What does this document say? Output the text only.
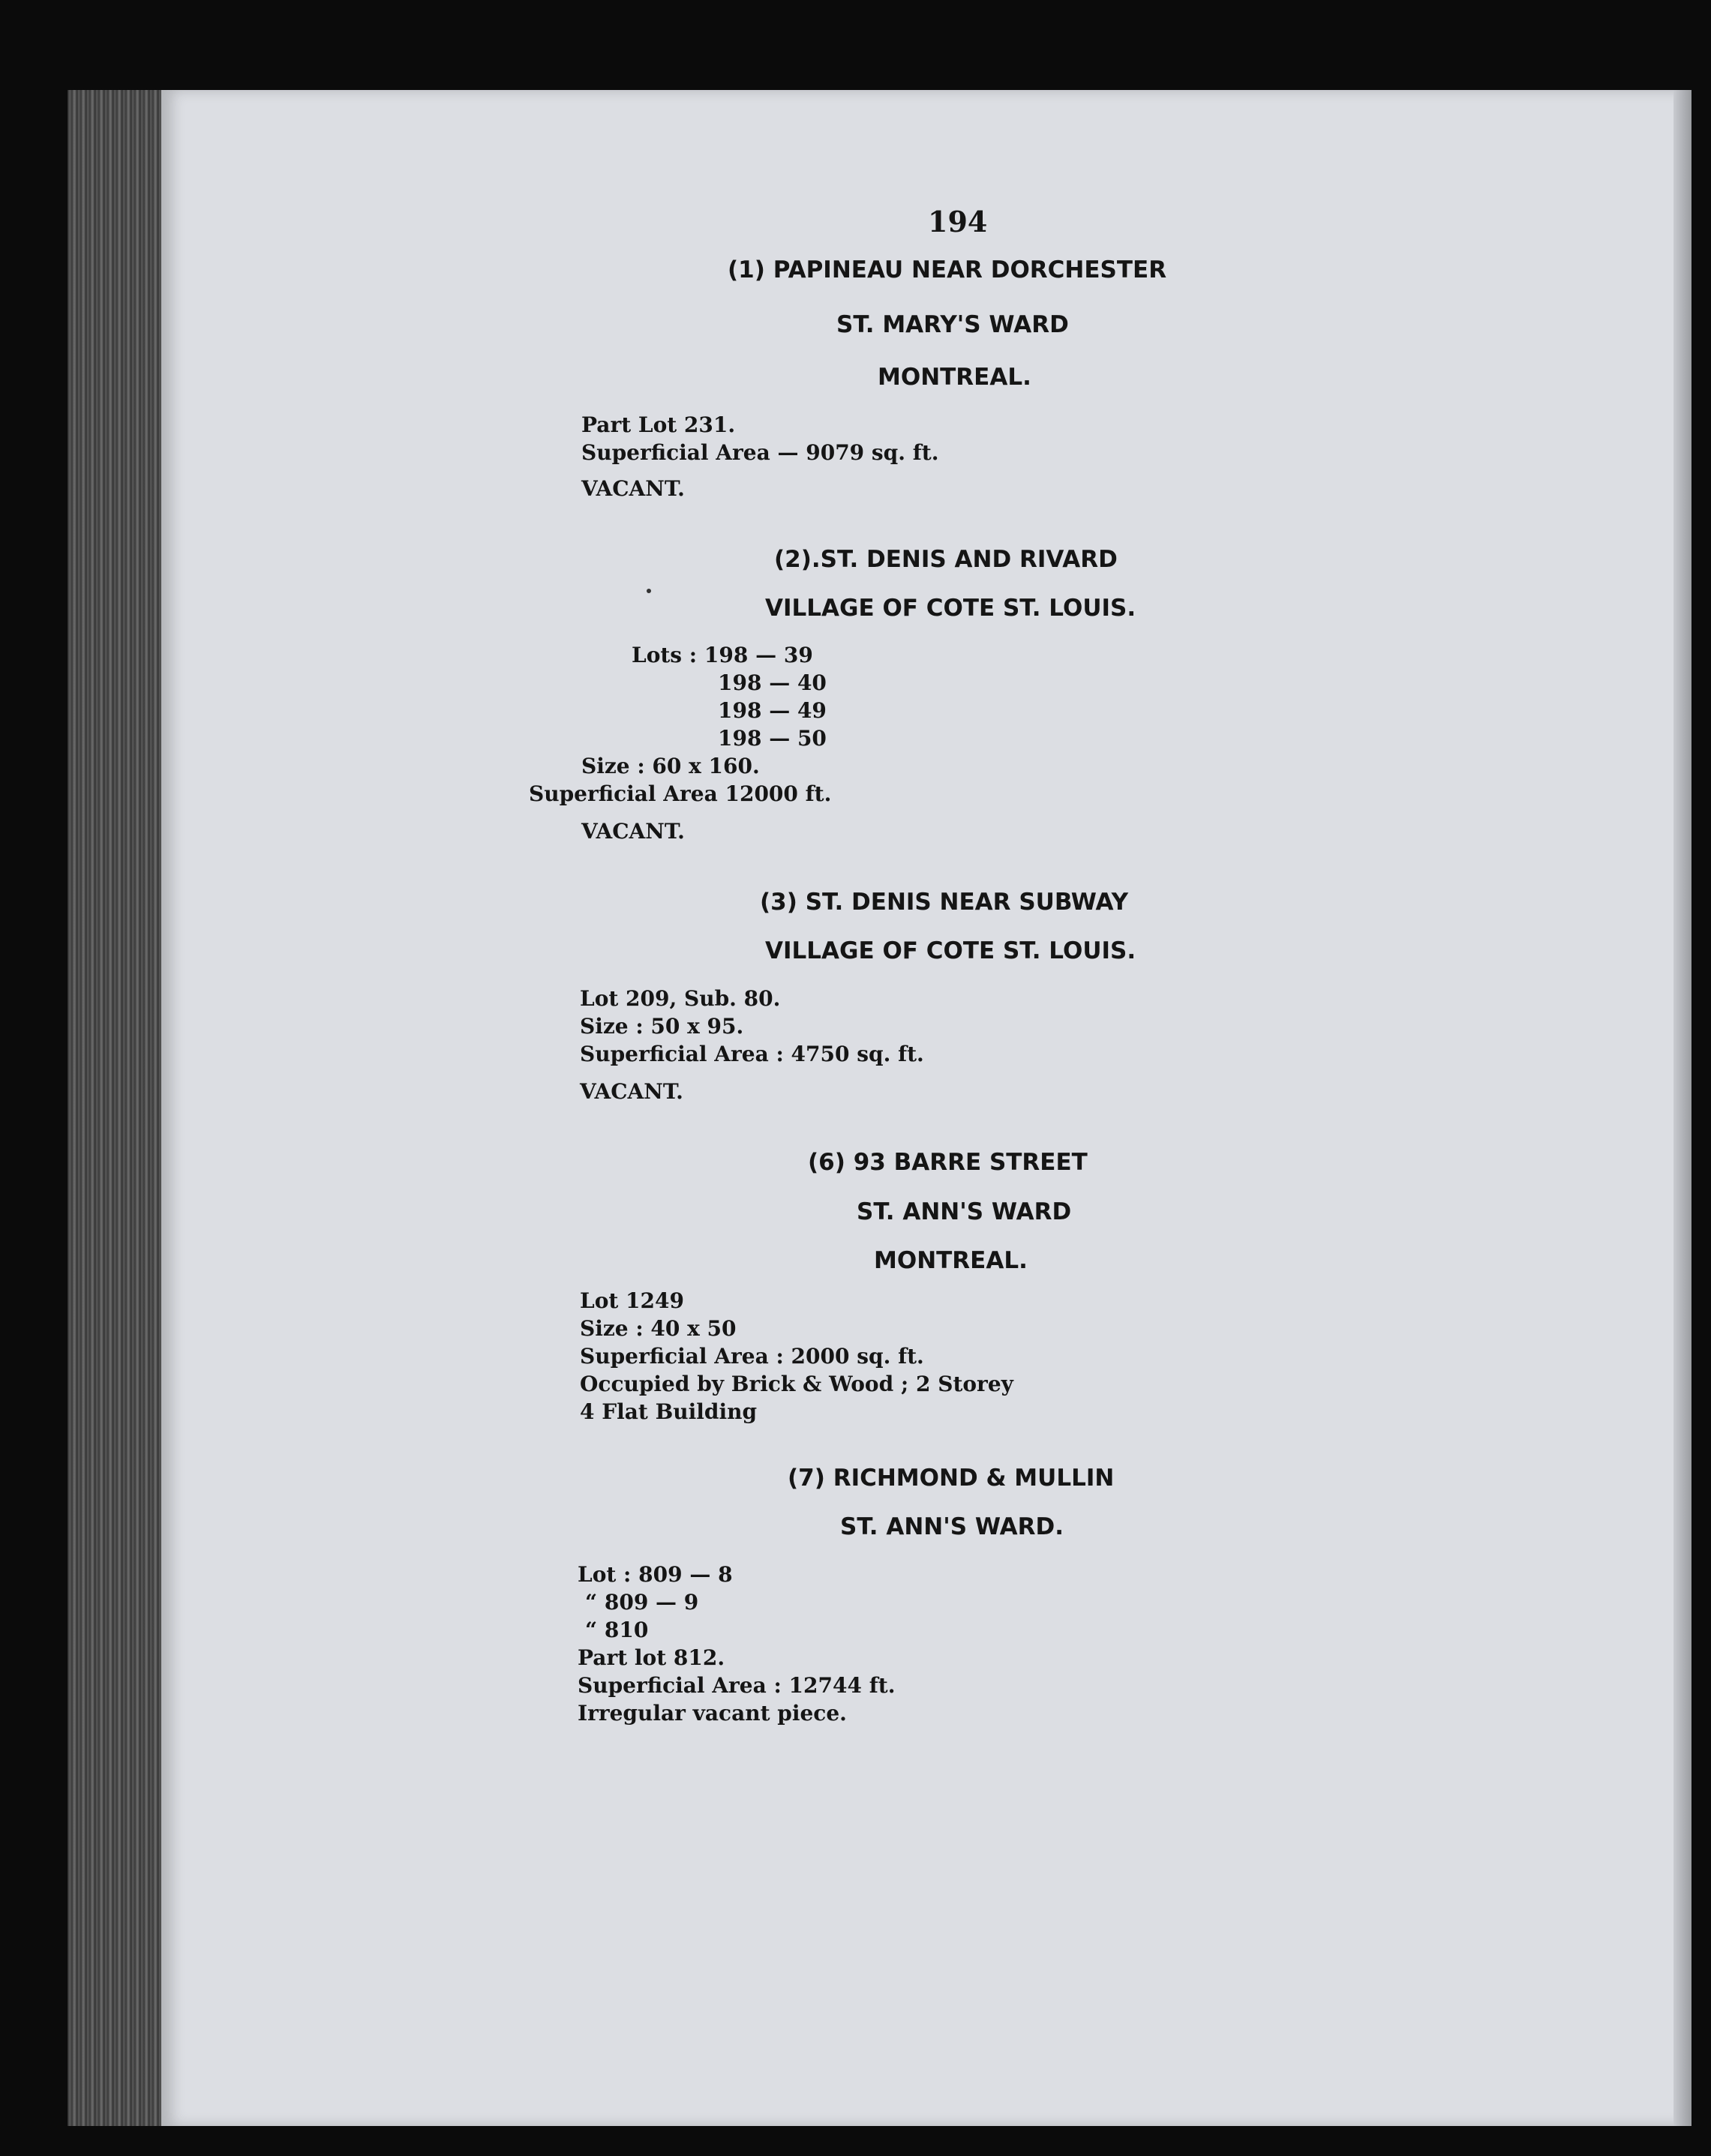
194

(1) PAPINEAU NEAR DORCHESTER

ST. MARY'S WARD

MONTREAL.

Part Lot 231.

Superficial Area — 9079 sq. ft.

VACANT.

(2).ST. DENIS AND RIVARD

VILLAGE OF COTE ST. LOUIS.

Lots : 198 — 39

198 — 40

198 — 49

198 — 50

Size : 60 x 160.

Superficial Area 12000 ft.

VACANT.

(3) ST. DENIS NEAR SUBWAY

VILLAGE OF COTE ST. LOUIS.

Lot 209, Sub. 80.

Size : 50 x 95.

Superficial Area : 4750 sq. ft.

VACANT.

(6) 93 BARRE STREET

ST. ANN'S WARD

MONTREAL.

Lot 1249

Size : 40 x 50

Superficial Area : 2000 sq. ft.

Occupied by Brick & Wood ; 2 Storey

4 Flat Building

(7) RICHMOND & MULLIN

ST. ANN'S WARD.

Lot : 809 — 8

“ 809 — 9

“ 810

Part lot 812.

Superficial Area : 12744 ft.

Irregular vacant piece.
